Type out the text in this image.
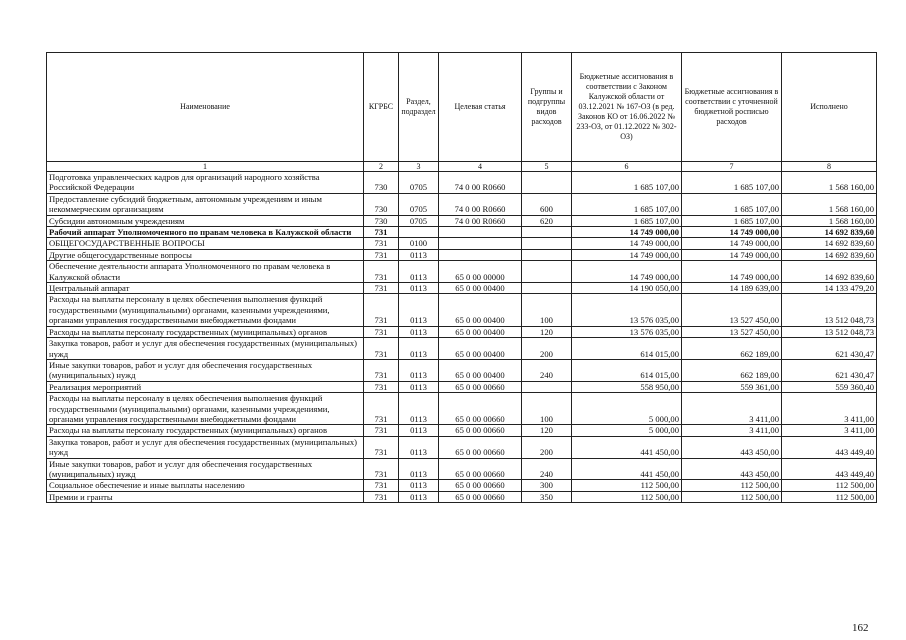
Наименование	КГРБС	Раздел, подраздел	Целевая статья	Группы и подгруппы видов расходов	Бюджетные ассигнования в соответствии с Законом Калужской области от 03.12.2021 № 167-ОЗ (в ред. Законов КО от 16.06.2022 № 233-ОЗ, от 01.12.2022 № 302-ОЗ)	Бюджетные ассигнования в соответствии с уточненной бюджетной росписью расходов	Исполнено
1	2	3	4	5	6	7	8
Подготовка управленческих кадров для организаций народного хозяйства Российской Федерации	730	0705	74 0 00 R0660		1 685 107,00	1 685 107,00	1 568 160,00
Предоставление субсидий бюджетным, автономным учреждениям и иным некоммерческим организациям	730	0705	74 0 00 R0660	600	1 685 107,00	1 685 107,00	1 568 160,00
Субсидии автономным учреждениям	730	0705	74 0 00 R0660	620	1 685 107,00	1 685 107,00	1 568 160,00
Рабочий аппарат Уполномоченного по правам человека в Калужской области	731				14 749 000,00	14 749 000,00	14 692 839,60
ОБЩЕГОСУДАРСТВЕННЫЕ ВОПРОСЫ	731	0100			14 749 000,00	14 749 000,00	14 692 839,60
Другие общегосударственные вопросы	731	0113			14 749 000,00	14 749 000,00	14 692 839,60
Обеспечение деятельности аппарата Уполномоченного по правам человека в Калужской области	731	0113	65 0 00 00000		14 749 000,00	14 749 000,00	14 692 839,60
Центральный аппарат	731	0113	65 0 00 00400		14 190 050,00	14 189 639,00	14 133 479,20
Расходы на выплаты персоналу в целях обеспечения выполнения функций государственными (муниципальными) органами, казенными учреждениями, органами управления государственными внебюджетными фондами	731	0113	65 0 00 00400	100	13 576 035,00	13 527 450,00	13 512 048,73
Расходы на выплаты персоналу государственных (муниципальных) органов	731	0113	65 0 00 00400	120	13 576 035,00	13 527 450,00	13 512 048,73
Закупка товаров, работ и услуг для обеспечения государственных (муниципальных) нужд	731	0113	65 0 00 00400	200	614 015,00	662 189,00	621 430,47
Иные закупки товаров, работ и услуг для обеспечения государственных (муниципальных) нужд	731	0113	65 0 00 00400	240	614 015,00	662 189,00	621 430,47
Реализация мероприятий	731	0113	65 0 00 00660		558 950,00	559 361,00	559 360,40
Расходы на выплаты персоналу в целях обеспечения выполнения функций государственными (муниципальными) органами, казенными учреждениями, органами управления государственными внебюджетными фондами	731	0113	65 0 00 00660	100	5 000,00	3 411,00	3 411,00
Расходы на выплаты персоналу государственных (муниципальных) органов	731	0113	65 0 00 00660	120	5 000,00	3 411,00	3 411,00
Закупка товаров, работ и услуг для обеспечения государственных (муниципальных) нужд	731	0113	65 0 00 00660	200	441 450,00	443 450,00	443 449,40
Иные закупки товаров, работ и услуг для обеспечения государственных (муниципальных) нужд	731	0113	65 0 00 00660	240	441 450,00	443 450,00	443 449,40
Социальное обеспечение и иные выплаты населению	731	0113	65 0 00 00660	300	112 500,00	112 500,00	112 500,00
Премии и гранты	731	0113	65 0 00 00660	350	112 500,00	112 500,00	112 500,00
162
